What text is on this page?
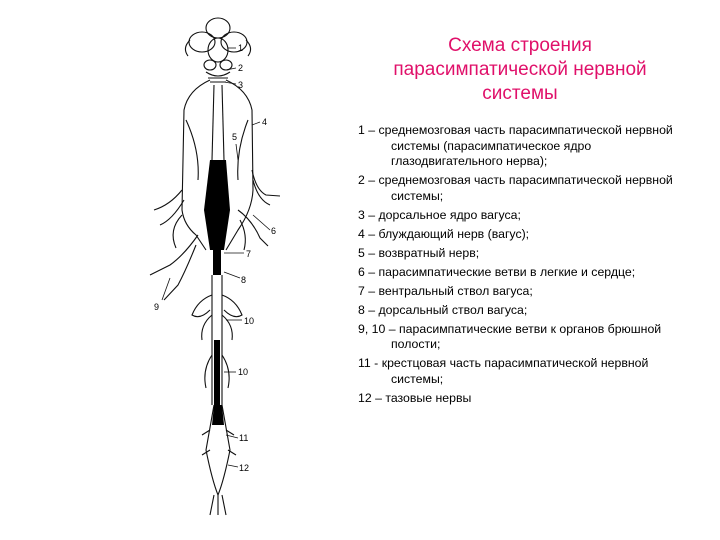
1
2
3
4
5
6
7
8
9
10
10
11
12
Схема строения
парасимпатической нервной
системы
1 – среднемозговая часть парасимпатической нервной системы (парасимпатическое ядро глазодвигательного нерва);
2 – среднемозговая часть парасимпатической нервной системы;
3 – дорсальное ядро вагуса;
4 – блуждающий нерв (вагус);
5 – возвратный нерв;
6 – парасимпатические ветви в легкие и сердце;
7 – вентральный ствол вагуса;
8 – дорсальный ствол вагуса;
9, 10 – парасимпатические ветви к органов брюшной полости;
11 - крестцовая часть парасимпатической нервной системы;
12 – тазовые нервы
